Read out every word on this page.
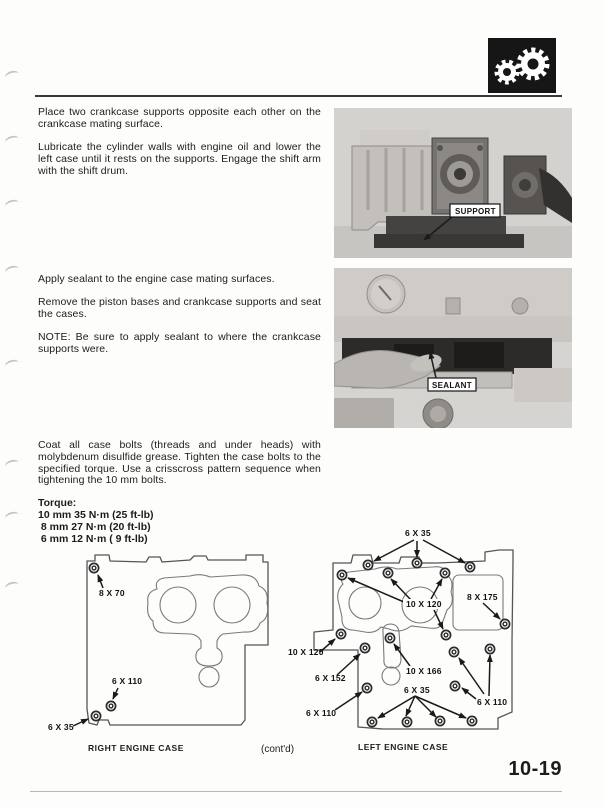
Place two crankcase supports opposite each other on the crankcase mating surface.

Lubricate the cylinder walls with engine oil and lower the left case until it rests on the supports. Engage the shift arm with the shift drum.

Apply sealant to the engine case mating surfaces.

Remove the piston bases and crankcase supports and seat the cases.

NOTE: Be sure to apply sealant to where the crankcase supports were.

Coat all case bolts (threads and under heads) with molybdenum disulfide grease. Tighten the case bolts to the specified torque. Use a crisscross pattern sequence when tightening the 10 mm bolts.

Torque:
10 mm 35 N·m (25 ft-lb)
8 mm 27 N·m (20 ft-lb)
6 mm 12 N·m ( 9 ft-lb)
SUPPORT
SEALANT
8 X 70
6 X 110
6 X 35
6 X 35
10 X 120
8 X 175
10 X 120
6 X 152
10 X 166
6 X 110
6 X 35
6 X 110
RIGHT ENGINE CASE	(cont'd)	LEFT ENGINE CASE
10-19
